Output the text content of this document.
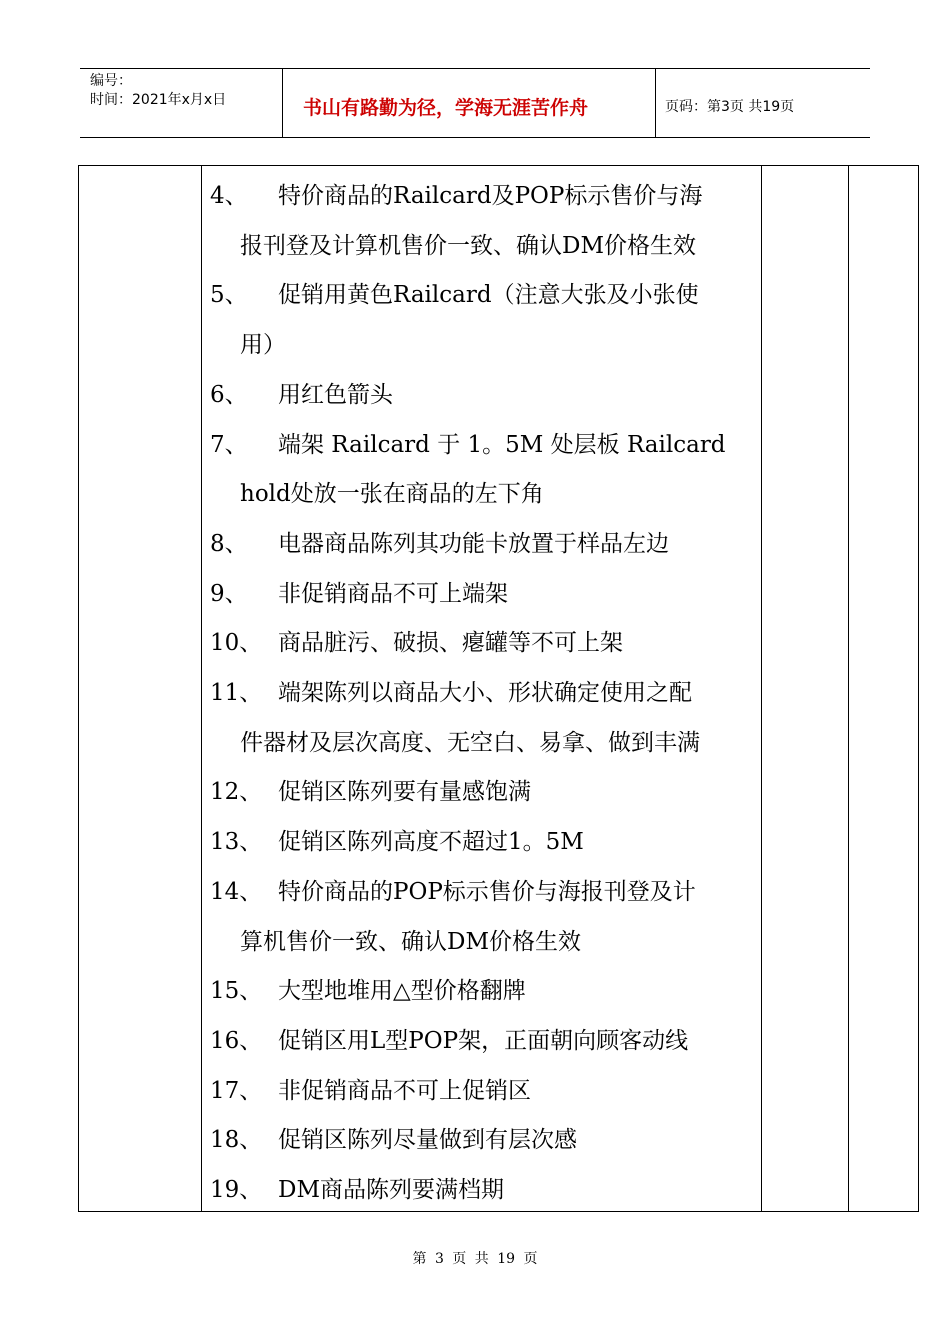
编号：
时间：2021年x月x日	书山有路勤为径，学海无涯苦作舟	页码：第3页 共19页
4、	特价商品的Railcard及POP标示售价与海
报刊登及计算机售价一致、确认DM价格生效
5、	促销用黄色Railcard（注意大张及小张使
用）
6、	用红色箭头
7、	端架 Railcard 于 1。5M 处层板 Railcard
hold处放一张在商品的左下角
8、	电器商品陈列其功能卡放置于样品左边
9、	非促销商品不可上端架
10、 商品脏污、破损、瘪罐等不可上架
11、 端架陈列以商品大小、形状确定使用之配
件器材及层次高度、无空白、易拿、做到丰满
12、 促销区陈列要有量感饱满
13、 促销区陈列高度不超过1。5M
14、 特价商品的POP标示售价与海报刊登及计
算机售价一致、确认DM价格生效
15、 大型地堆用△型价格翻牌
16、 促销区用L型POP架，正面朝向顾客动线
17、 非促销商品不可上促销区
18、 促销区陈列尽量做到有层次感
19、 DM商品陈列要满档期
第 3 页 共 19 页
